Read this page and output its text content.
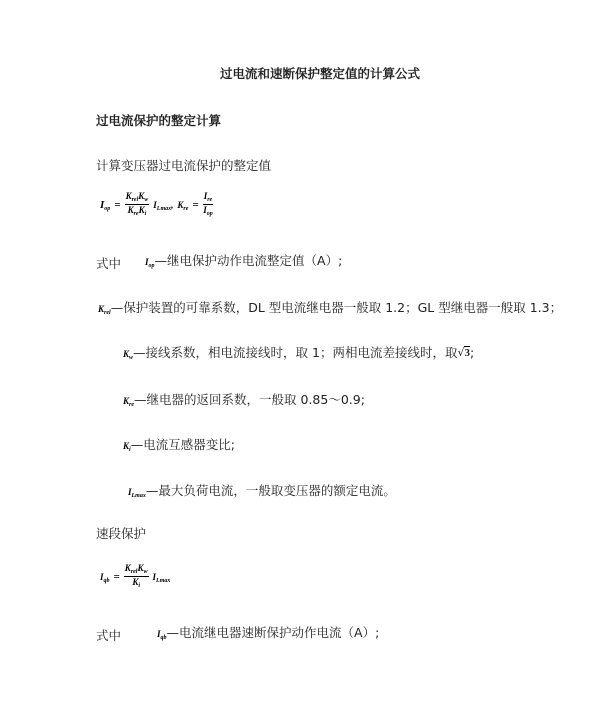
过电流和速断保护整定值的计算公式
过电流保护的整定计算
计算变压器过电流保护的整定值
$I_{op} = \frac{K_{rel}K_w}{K_{re}K_i} I_{Lmax}$, $K_{re} = \frac{I_{re}}{I_{op}}$
式中	$I_{op}—$继电保护动作电流整定值（A）;
$K_{rel}—$保护装置的可靠系数，DL 型电流继电器一般取 1.2；GL 型继电器一般取 1.3；
$K_w—$接线系数，相电流接线时，取 1；两相电流差接线时，取√3;
$K_{re}—$继电器的返回系数，一般取 0.85～0.9;
$K_i—$电流互感器变比;
$I_{Lmax}—$最大负荷电流，一般取变压器的额定电流。
速段保护
$I_{qb} = \frac{K_{rel}K_w}{K_i} I_{Lmax}$
式中	$I_{qb}—$电流继电器速断保护动作电流（A）;
